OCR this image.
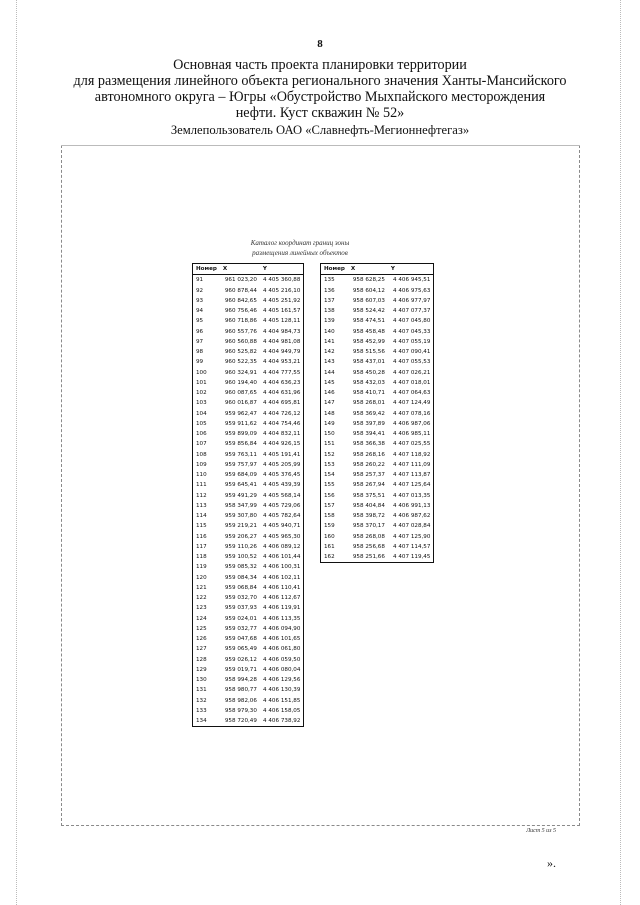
8
Основная часть проекта планировки территории
для размещения линейного объекта регионального значения Ханты-Мансийского
автономного округа – Югры «Обустройство Мыхпайского месторождения
нефти. Куст скважин № 52»
Землепользователь ОАО «Славнефть-Мегионнефтегаз»
Каталог координат границ зоны
размещения линейных объектов
Номер	X	Y
91	961 023,20	4 405 360,88
92	960 878,44	4 405 216,10
93	960 842,65	4 405 251,92
94	960 756,46	4 405 161,57
95	960 718,86	4 405 128,11
96	960 557,76	4 404 984,73
97	960 560,88	4 404 981,08
98	960 525,82	4 404 949,79
99	960 522,35	4 404 953,21
100	960 324,91	4 404 777,55
101	960 194,40	4 404 636,23
102	960 087,65	4 404 631,96
103	960 016,87	4 404 695,81
104	959 962,47	4 404 726,12
105	959 911,62	4 404 754,46
106	959 899,09	4 404 832,11
107	959 856,84	4 404 926,15
108	959 763,11	4 405 191,41
109	959 757,97	4 405 205,99
110	959 684,09	4 405 376,45
111	959 645,41	4 405 439,39
112	959 491,29	4 405 568,14
113	958 347,99	4 405 729,06
114	959 307,80	4 405 782,64
115	959 219,21	4 405 940,71
116	959 206,27	4 405 965,30
117	959 110,26	4 406 089,12
118	959 100,52	4 406 101,44
119	959 085,32	4 406 100,31
120	959 084,34	4 406 102,11
121	959 068,84	4 406 110,41
122	959 032,70	4 406 112,67
123	959 037,93	4 406 119,91
124	959 024,01	4 406 113,35
125	959 032,77	4 406 094,90
126	959 047,68	4 406 101,65
127	959 065,49	4 406 061,80
128	959 026,12	4 406 059,50
129	959 019,71	4 406 080,04
130	958 994,28	4 406 129,56
131	958 980,77	4 406 130,39
132	958 982,06	4 406 151,85
133	958 979,30	4 406 158,05
134	958 720,49	4 406 738,92
Номер	X	Y
135	958 628,25	4 406 945,51
136	958 604,12	4 406 975,63
137	958 607,03	4 406 977,97
138	958 524,42	4 407 077,37
139	958 474,51	4 407 045,80
140	958 458,48	4 407 045,33
141	958 452,99	4 407 055,19
142	958 515,56	4 407 090,41
143	958 437,01	4 407 055,53
144	958 450,28	4 407 026,21
145	958 432,03	4 407 018,01
146	958 410,71	4 407 064,63
147	958 268,01	4 407 124,49
148	958 369,42	4 407 078,16
149	958 397,89	4 406 987,06
150	958 394,41	4 406 985,11
151	958 366,38	4 407 025,55
152	958 268,16	4 407 118,92
153	958 260,22	4 407 111,09
154	958 257,37	4 407 113,87
155	958 267,94	4 407 125,64
156	958 375,51	4 407 013,35
157	958 404,84	4 406 991,13
158	958 398,72	4 406 987,62
159	958 370,17	4 407 028,84
160	958 268,08	4 407 125,90
161	958 256,68	4 407 114,57
162	958 251,66	4 407 119,45
Лист 5 из 5
».
